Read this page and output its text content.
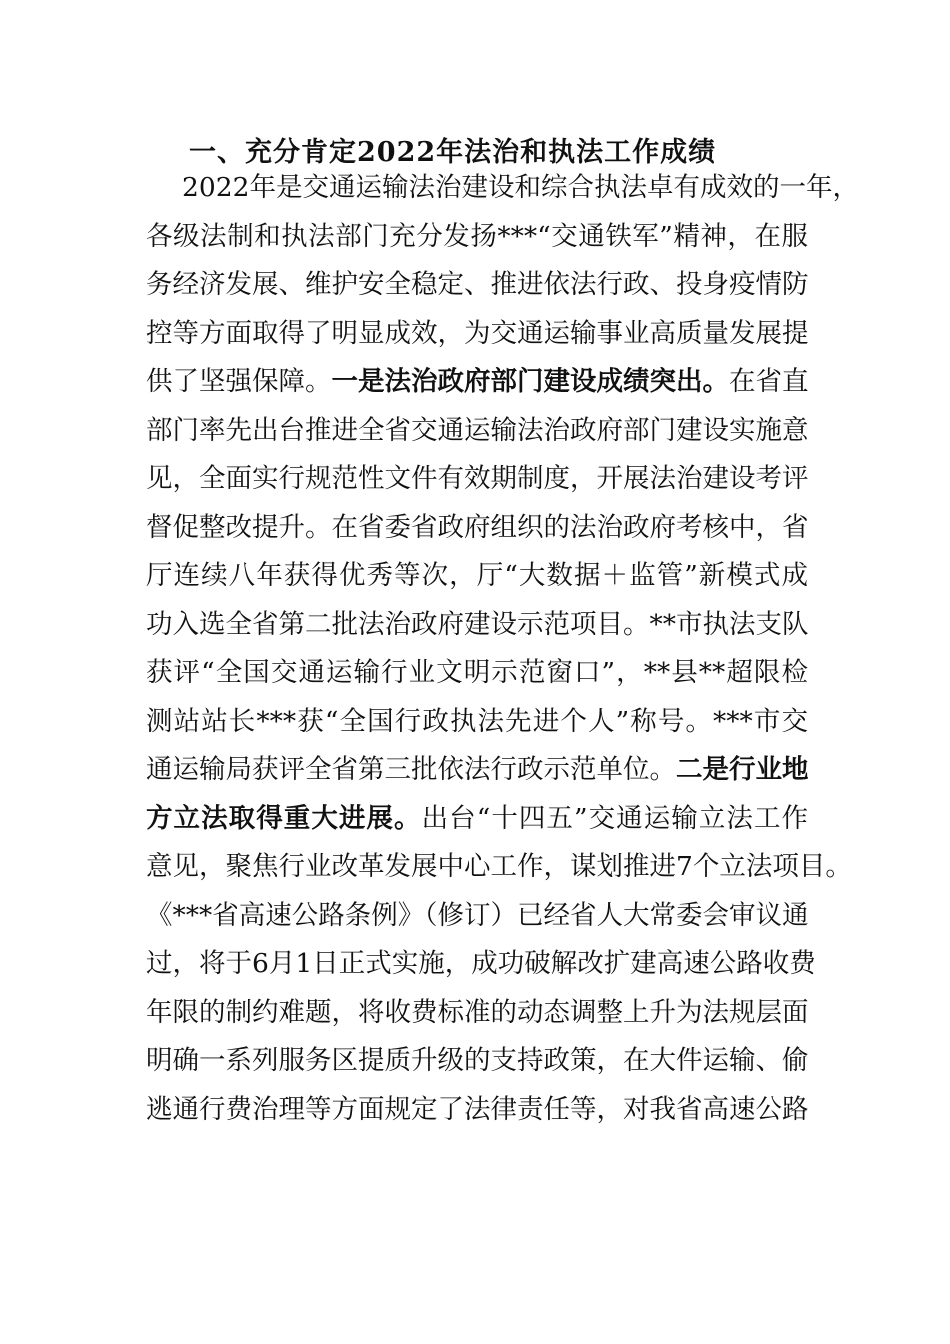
一、充分肯定2022年法治和执法工作成绩
2022年是交通运输法治建设和综合执法卓有成效的一年，
各级法制和执法部门充分发扬***“交通铁军”精神，在服
务经济发展、维护安全稳定、推进依法行政、投身疫情防
控等方面取得了明显成效，为交通运输事业高质量发展提
供了坚强保障。一是法治政府部门建设成绩突出。在省直
部门率先出台推进全省交通运输法治政府部门建设实施意
见，全面实行规范性文件有效期制度，开展法治建设考评
督促整改提升。在省委省政府组织的法治政府考核中，省
厅连续八年获得优秀等次，厅“大数据＋监管”新模式成
功入选全省第二批法治政府建设示范项目。**市执法支队
获评“全国交通运输行业文明示范窗口”，**县**超限检
测站站长***获“全国行政执法先进个人”称号。***市交
通运输局获评全省第三批依法行政示范单位。二是行业地
方立法取得重大进展。出台“十四五”交通运输立法工作
意见，聚焦行业改革发展中心工作，谋划推进7个立法项目。
《***省高速公路条例》（修订）已经省人大常委会审议通
过，将于6月1日正式实施，成功破解改扩建高速公路收费
年限的制约难题，将收费标准的动态调整上升为法规层面
明确一系列服务区提质升级的支持政策，在大件运输、偷
逃通行费治理等方面规定了法律责任等，对我省高速公路
